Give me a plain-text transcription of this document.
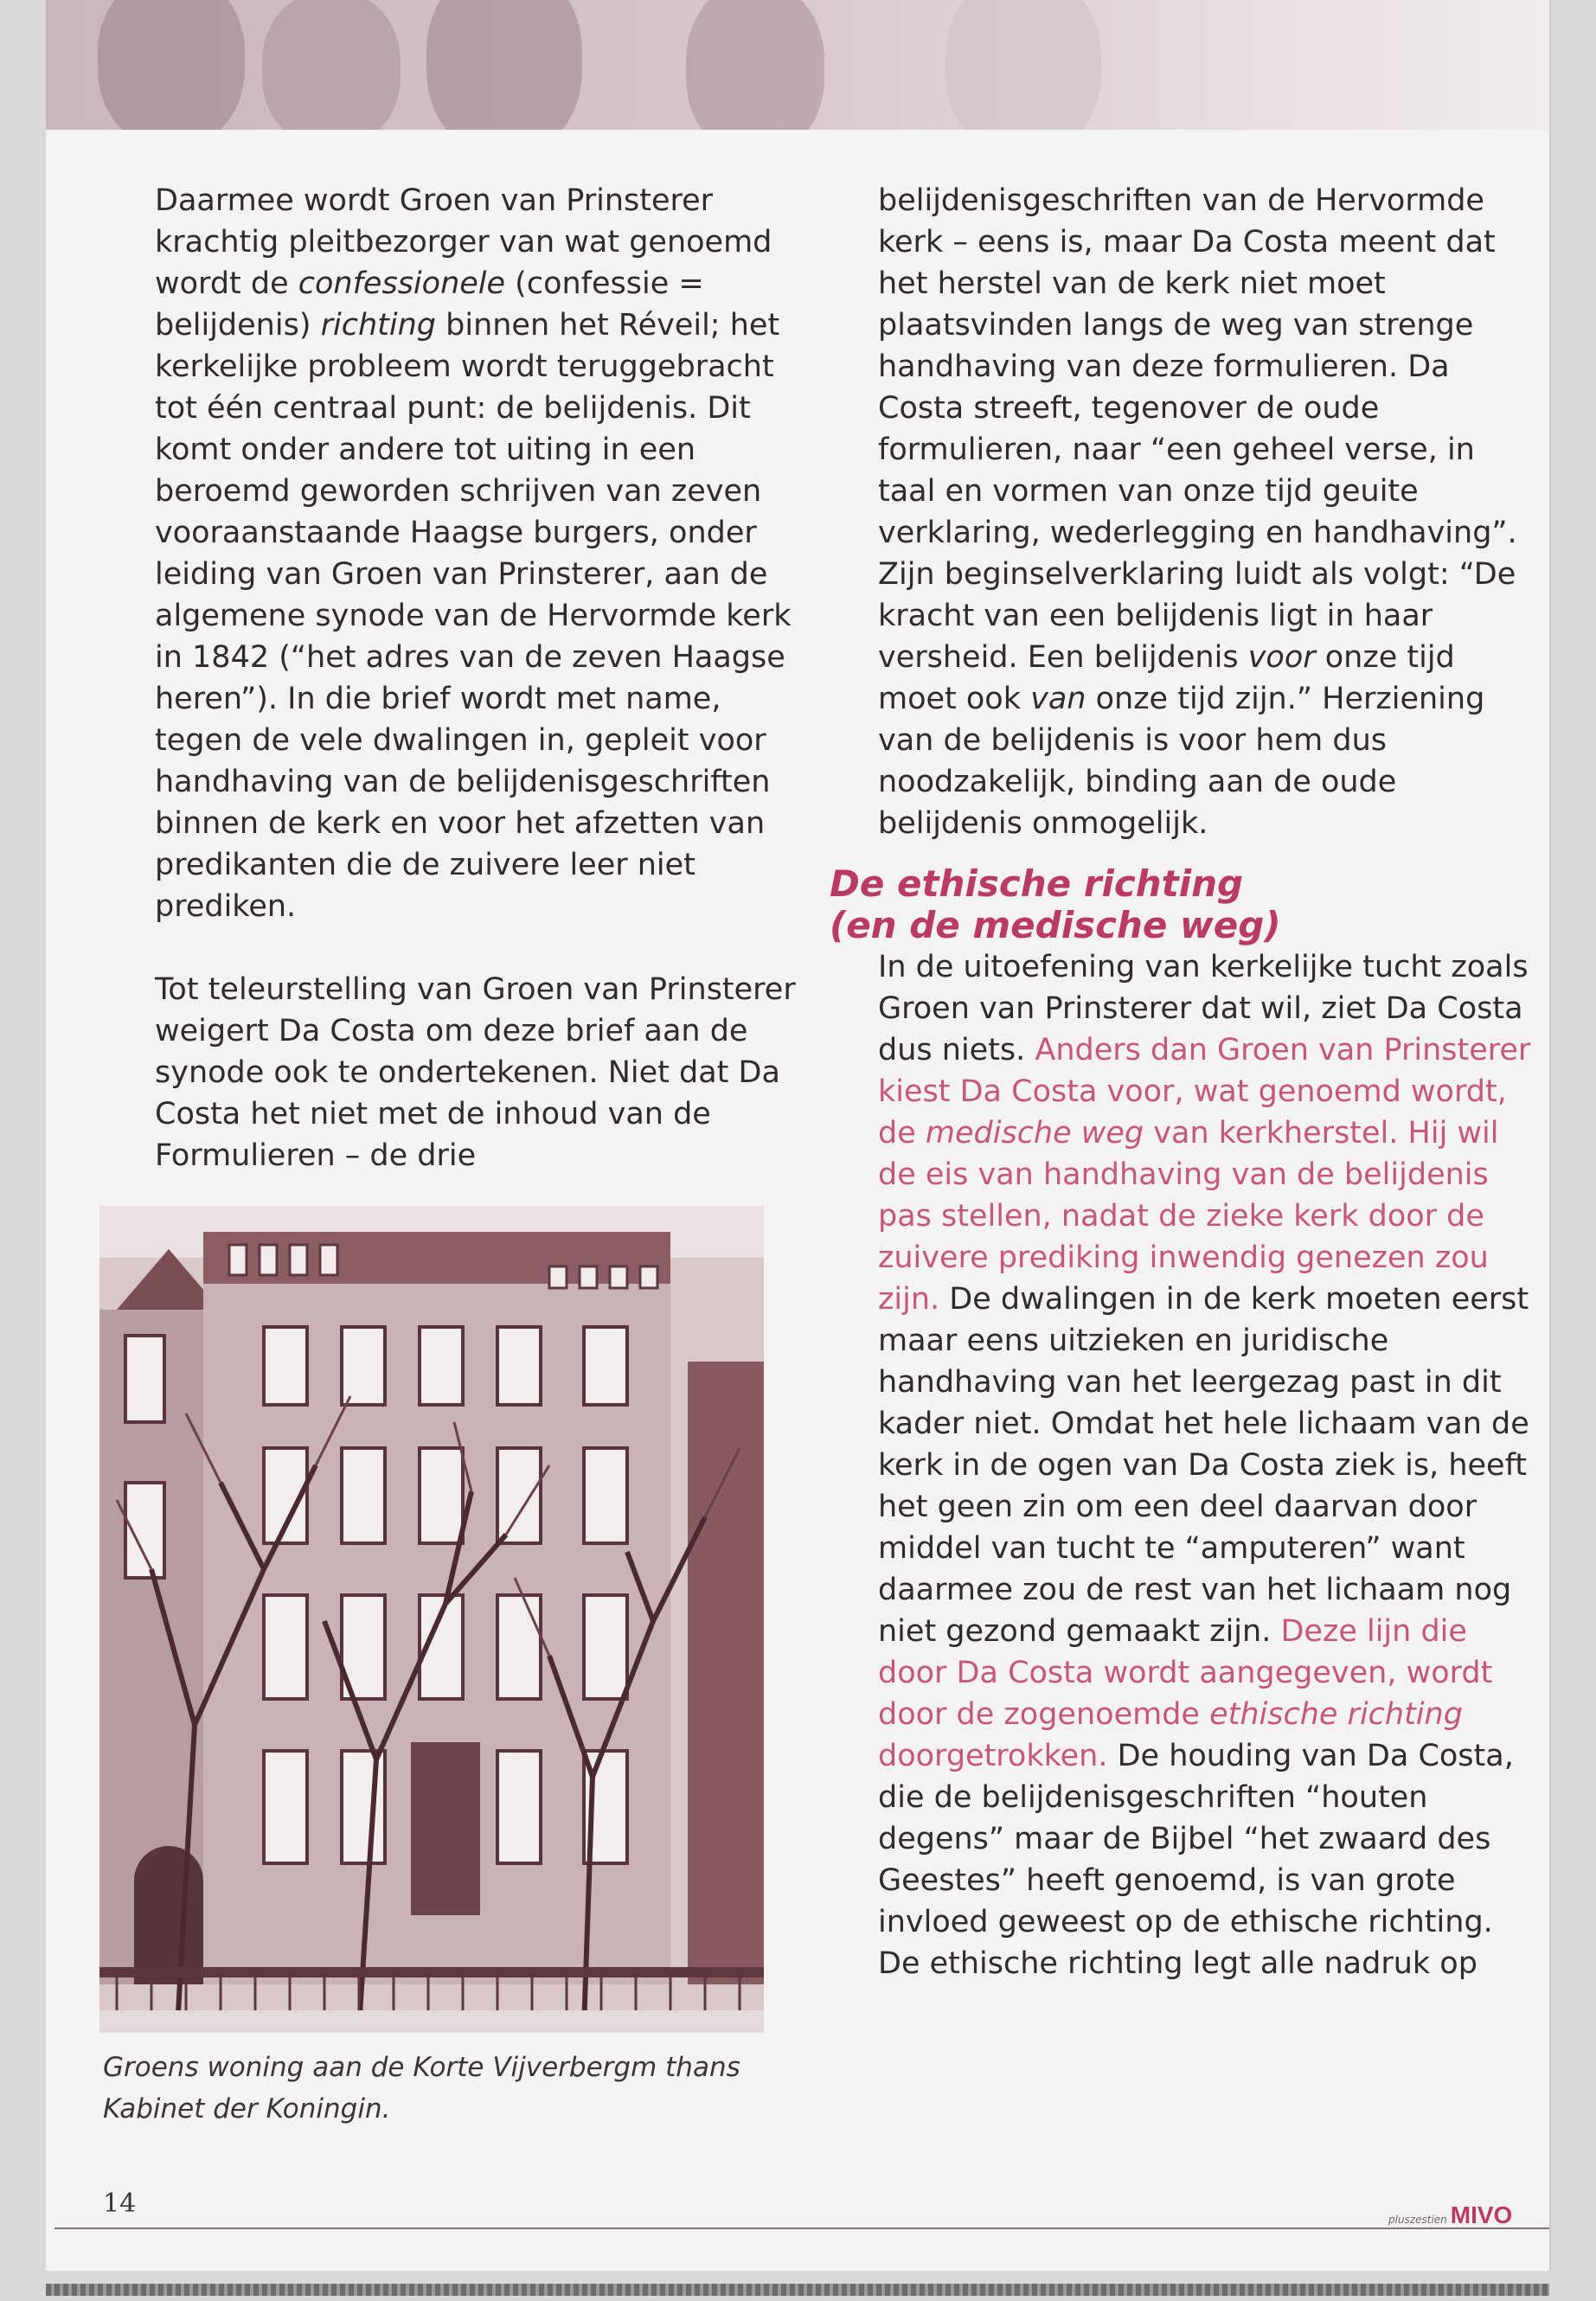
Daarmee wordt Groen van Prinsterer krachtig pleitbezorger van wat genoemd wordt de confessionele (confessie = belijdenis) richting binnen het Réveil; het kerkelijke probleem wordt teruggebracht tot één centraal punt: de belijdenis. Dit komt onder andere tot uiting in een beroemd geworden schrijven van zeven vooraanstaande Haagse burgers, onder leiding van Groen van Prinsterer, aan de algemene synode van de Hervormde kerk in 1842 (“het adres van de zeven Haagse heren”). In die brief wordt met name, tegen de vele dwalingen in, gepleit voor handhaving van de belijdenisgeschriften binnen de kerk en voor het afzetten van predikanten die de zuivere leer niet prediken.

Tot teleurstelling van Groen van Prinsterer weigert Da Costa om deze brief aan de synode ook te ondertekenen. Niet dat Da Costa het niet met de inhoud van de Formulieren – de drie

Groens woning aan de Korte Vijverbergm thans Kabinet der Koningin.

belijdenisgeschriften van de Hervormde kerk – eens is, maar Da Costa meent dat het herstel van de kerk niet moet plaatsvinden langs de weg van strenge handhaving van deze formulieren. Da Costa streeft, tegenover de oude formulieren, naar “een geheel verse, in taal en vormen van onze tijd geuite verklaring, wederlegging en handhaving”. Zijn beginselverklaring luidt als volgt: “De kracht van een belijdenis ligt in haar versheid. Een belijdenis voor onze tijd moet ook van onze tijd zijn.” Herziening van de belijdenis is voor hem dus noodzakelijk, binding aan de oude belijdenis onmogelijk.

De ethische richting
(en de medische weg)

In de uitoefening van kerkelijke tucht zoals Groen van Prinsterer dat wil, ziet Da Costa dus niets. Anders dan Groen van Prinsterer kiest Da Costa voor, wat genoemd wordt, de medische weg van kerkherstel. Hij wil de eis van handhaving van de belijdenis pas stellen, nadat de zieke kerk door de zuivere prediking inwendig genezen zou zijn. De dwalingen in de kerk moeten eerst maar eens uitzieken en juridische handhaving van het leergezag past in dit kader niet. Omdat het hele lichaam van de kerk in de ogen van Da Costa ziek is, heeft het geen zin om een deel daarvan door middel van tucht te “amputeren” want daarmee zou de rest van het lichaam nog niet gezond gemaakt zijn. Deze lijn die door Da Costa wordt aangegeven, wordt door de zogenoemde ethische richting doorgetrokken. De houding van Da Costa, die de belijdenisgeschriften “houten degens” maar de Bijbel “het zwaard des Geestes” heeft genoemd, is van grote invloed geweest op de ethische richting.

De ethische richting legt alle nadruk op

14
pluszestien MIVO
